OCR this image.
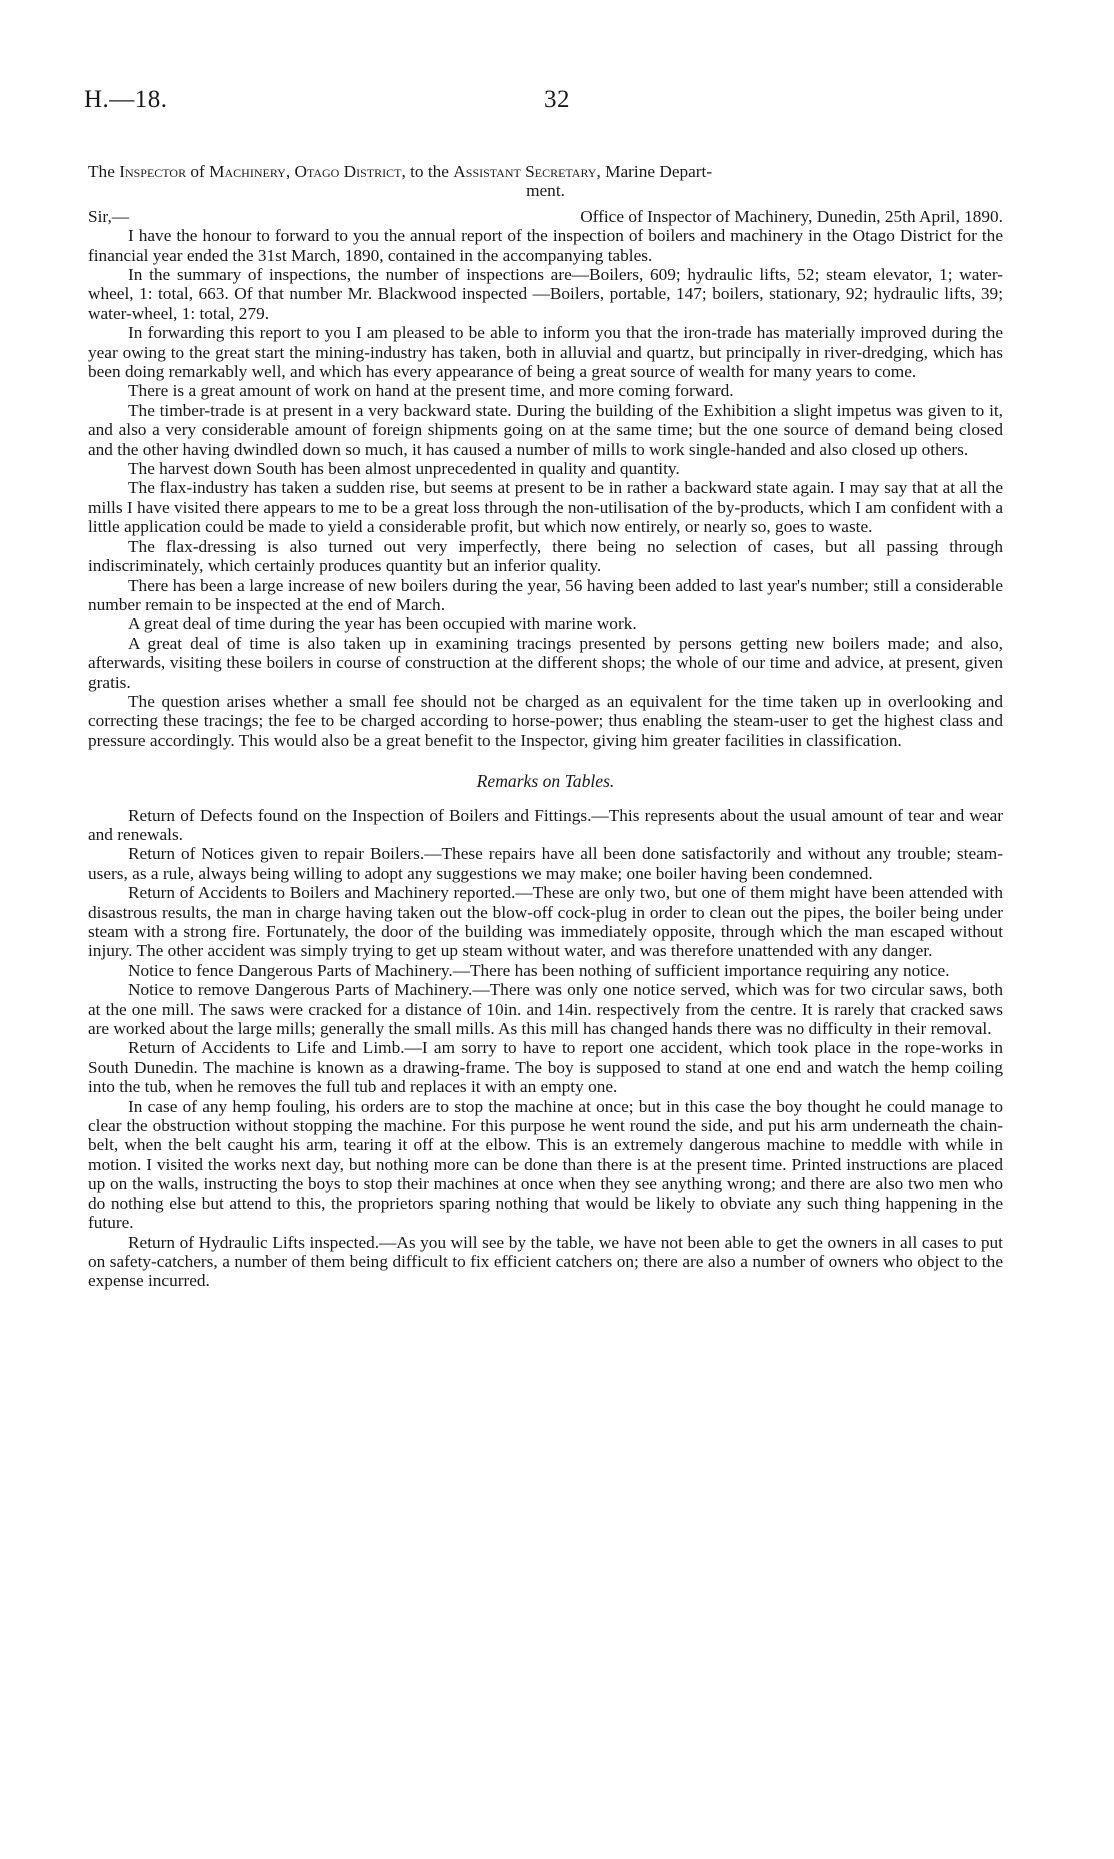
H.—18.	32

The Inspector of Machinery, Otago District, to the Assistant Secretary, Marine Depart-

ment.

Sir,—	Office of Inspector of Machinery, Dunedin, 25th April, 1890.

I have the honour to forward to you the annual report of the inspection of boilers and machinery in the Otago District for the financial year ended the 31st March, 1890, contained in the accompanying tables.

In the summary of inspections, the number of inspections are—Boilers, 609; hydraulic lifts, 52; steam elevator, 1; water-wheel, 1: total, 663. Of that number Mr. Blackwood inspected —Boilers, portable, 147; boilers, stationary, 92; hydraulic lifts, 39; water-wheel, 1: total, 279.

In forwarding this report to you I am pleased to be able to inform you that the iron-trade has materially improved during the year owing to the great start the mining-industry has taken, both in alluvial and quartz, but principally in river-dredging, which has been doing remarkably well, and which has every appearance of being a great source of wealth for many years to come.

There is a great amount of work on hand at the present time, and more coming forward.

The timber-trade is at present in a very backward state. During the building of the Exhibition a slight impetus was given to it, and also a very considerable amount of foreign shipments going on at the same time; but the one source of demand being closed and the other having dwindled down so much, it has caused a number of mills to work single-handed and also closed up others.

The harvest down South has been almost unprecedented in quality and quantity.

The flax-industry has taken a sudden rise, but seems at present to be in rather a backward state again. I may say that at all the mills I have visited there appears to me to be a great loss through the non-utilisation of the by-products, which I am confident with a little application could be made to yield a considerable profit, but which now entirely, or nearly so, goes to waste.

The flax-dressing is also turned out very imperfectly, there being no selection of cases, but all passing through indiscriminately, which certainly produces quantity but an inferior quality.

There has been a large increase of new boilers during the year, 56 having been added to last year's number; still a considerable number remain to be inspected at the end of March.

A great deal of time during the year has been occupied with marine work.

A great deal of time is also taken up in examining tracings presented by persons getting new boilers made; and also, afterwards, visiting these boilers in course of construction at the different shops; the whole of our time and advice, at present, given gratis.

The question arises whether a small fee should not be charged as an equivalent for the time taken up in overlooking and correcting these tracings; the fee to be charged according to horse-power; thus enabling the steam-user to get the highest class and pressure accordingly. This would also be a great benefit to the Inspector, giving him greater facilities in classification.

Remarks on Tables.

Return of Defects found on the Inspection of Boilers and Fittings.—This represents about the usual amount of tear and wear and renewals.

Return of Notices given to repair Boilers.—These repairs have all been done satisfactorily and without any trouble; steam-users, as a rule, always being willing to adopt any suggestions we may make; one boiler having been condemned.

Return of Accidents to Boilers and Machinery reported.—These are only two, but one of them might have been attended with disastrous results, the man in charge having taken out the blow-off cock-plug in order to clean out the pipes, the boiler being under steam with a strong fire. Fortunately, the door of the building was immediately opposite, through which the man escaped without injury. The other accident was simply trying to get up steam without water, and was therefore unattended with any danger.

Notice to fence Dangerous Parts of Machinery.—There has been nothing of sufficient importance requiring any notice.

Notice to remove Dangerous Parts of Machinery.—There was only one notice served, which was for two circular saws, both at the one mill. The saws were cracked for a distance of 10in. and 14in. respectively from the centre. It is rarely that cracked saws are worked about the large mills; generally the small mills. As this mill has changed hands there was no difficulty in their removal.

Return of Accidents to Life and Limb.—I am sorry to have to report one accident, which took place in the rope-works in South Dunedin. The machine is known as a drawing-frame. The boy is supposed to stand at one end and watch the hemp coiling into the tub, when he removes the full tub and replaces it with an empty one.

In case of any hemp fouling, his orders are to stop the machine at once; but in this case the boy thought he could manage to clear the obstruction without stopping the machine. For this purpose he went round the side, and put his arm underneath the chain-belt, when the belt caught his arm, tearing it off at the elbow. This is an extremely dangerous machine to meddle with while in motion. I visited the works next day, but nothing more can be done than there is at the present time. Printed instructions are placed up on the walls, instructing the boys to stop their machines at once when they see anything wrong; and there are also two men who do nothing else but attend to this, the proprietors sparing nothing that would be likely to obviate any such thing happening in the future.

Return of Hydraulic Lifts inspected.—As you will see by the table, we have not been able to get the owners in all cases to put on safety-catchers, a number of them being difficult to fix efficient catchers on; there are also a number of owners who object to the expense incurred.
